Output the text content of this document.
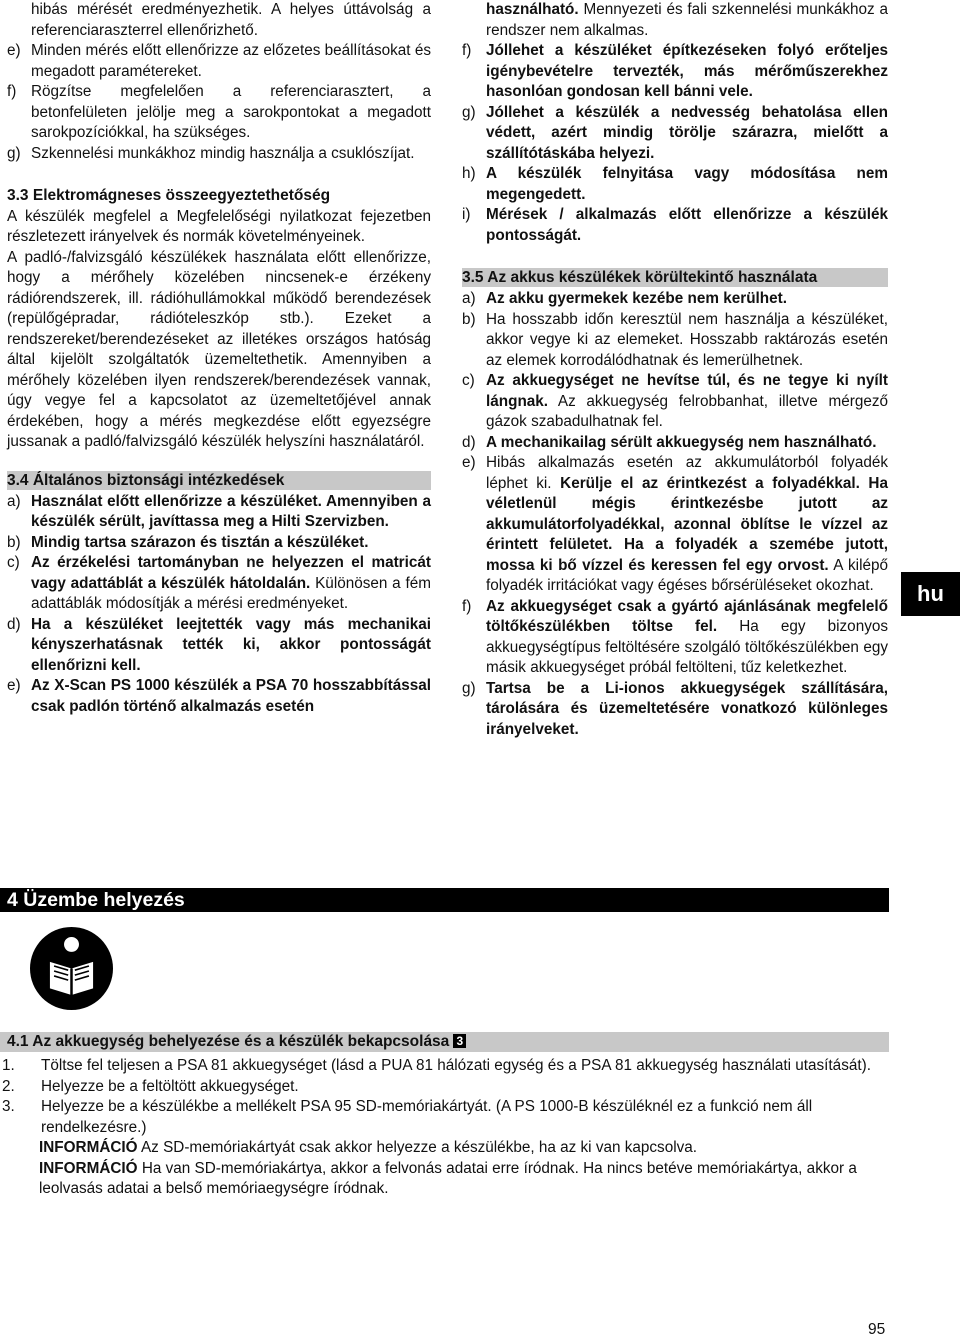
hibás mérését eredményezhetik. A helyes úttávolság a referenciaraszterrel ellenőrizhető.
e) Minden mérés előtt ellenőrizze az előzetes beállításokat és megadott paramétereket.
f) Rögzítse megfelelően a referenciarasztert, a betonfelületen jelölje meg a sarokpontokat a megadott sarokpozíciókkal, ha szükséges.
g) Szkennelési munkákhoz mindig használja a csuklószíjat.
3.3 Elektromágneses összeegyeztethetőség
A készülék megfelel a Megfelelőségi nyilatkozat fejezetben részletezett irányelvek és normák követelményeinek.
A padló-/falvizsgáló készülékek használata előtt ellenőrizze, hogy a mérőhely közelében nincsenek-e érzékeny rádiórendszerek, ill. rádióhullámokkal működő berendezések (repülőgépradar, rádióteleszkóp stb.). Ezeket a rendszereket/berendezéseket az illetékes országos hatóság által kijelölt szolgáltatók üzemeltethetik. Amennyiben a mérőhely közelében ilyen rendszerek/berendezések vannak, úgy vegye fel a kapcsolatot az üzemeltetőjével annak érdekében, hogy a mérés megkezdése előtt egyezségre jussanak a padló/falvizsgáló készülék helyszíni használatáról.
3.4 Általános biztonsági intézkedések
a) Használat előtt ellenőrizze a készüléket. Amennyiben a készülék sérült, javíttassa meg a Hilti Szervizben.
b) Mindig tartsa szárazon és tisztán a készüléket.
c) Az érzékelési tartományban ne helyezzen el matricát vagy adattáblát a készülék hátoldalán. Különösen a fém adattáblák módosítják a mérési eredményeket.
d) Ha a készüléket leejtették vagy más mechanikai kényszerhatásnak tették ki, akkor pontosságát ellenőrizni kell.
e) Az X-Scan PS 1000 készülék a PSA 70 hosszabbítással csak padlón történő alkalmazás esetén
használható. Mennyezeti és fali szkennelési munkákhoz a rendszer nem alkalmas.
f) Jóllehet a készüléket építkezéseken folyó erőteljes igénybevételre tervezték, más mérőműszerekhez hasonlóan gondosan kell bánni vele.
g) Jóllehet a készülék a nedvesség behatolása ellen védett, azért mindig törölje szárazra, mielőtt a szállítótáskába helyezi.
h) A készülék felnyitása vagy módosítása nem megengedett.
i)	Mérések / alkalmazás előtt ellenőrizze a készülék pontosságát.
3.5 Az akkus készülékek körültekintő használata
a) Az akku gyermekek kezébe nem kerülhet.
b) Ha hosszabb időn keresztül nem használja a készüléket, akkor vegye ki az elemeket. Hosszabb raktározás esetén az elemek korrodálódhatnak és lemerülhetnek.
c) Az akkuegységet ne hevítse túl, és ne tegye ki nyílt lángnak. Az akkuegység felrobbanhat, illetve mérgező gázok szabadulhatnak fel.
d) A mechanikailag sérült akkuegység nem használható.
e) Hibás alkalmazás esetén az akkumulátorból folyadék léphet ki. Kerülje el az érintkezést a folyadékkal. Ha véletlenül mégis érintkezésbe jutott az akkumulátorfolyadékkal, azonnal öblítse le vízzel az érintett felületet. Ha a folyadék a szemébe jutott, mossa ki bő vízzel és keressen fel egy orvost. A kilépő folyadék irritációkat vagy égéses bőrsérüléseket okozhat.
f) Az akkuegységet csak a gyártó ajánlásának megfelelő töltőkészülékben töltse fel. Ha egy bizonyos akkuegységtípus feltöltésére szolgáló töltőkészülékben egy másik akkuegységet próbál feltölteni, tűz keletkezhet.
g) Tartsa be a Li-ionos akkuegységek szállítására, tárolására és üzemeltetésére vonatkozó különleges irányelveket.
hu
4 Üzembe helyezés
4.1 Az akkuegység behelyezése és a készülék bekapcsolása 3
1.	Töltse fel teljesen a PSA 81 akkuegységet (lásd a PUA 81 hálózati egység és a PSA 81 akkuegység használati utasítását).
2.	Helyezze be a feltöltött akkuegységet.
3.	Helyezze be a készülékbe a mellékelt PSA 95 SD-memóriakártyát. (A PS 1000-B készüléknél ez a funkció nem áll rendelkezésre.)
INFORMÁCIÓ Az SD-memóriakártyát csak akkor helyezze a készülékbe, ha az ki van kapcsolva.
INFORMÁCIÓ Ha van SD-memóriakártya, akkor a felvonás adatai erre íródnak. Ha nincs betéve memóriakártya, akkor a leolvasás adatai a belső memóriaegységre íródnak.
95
